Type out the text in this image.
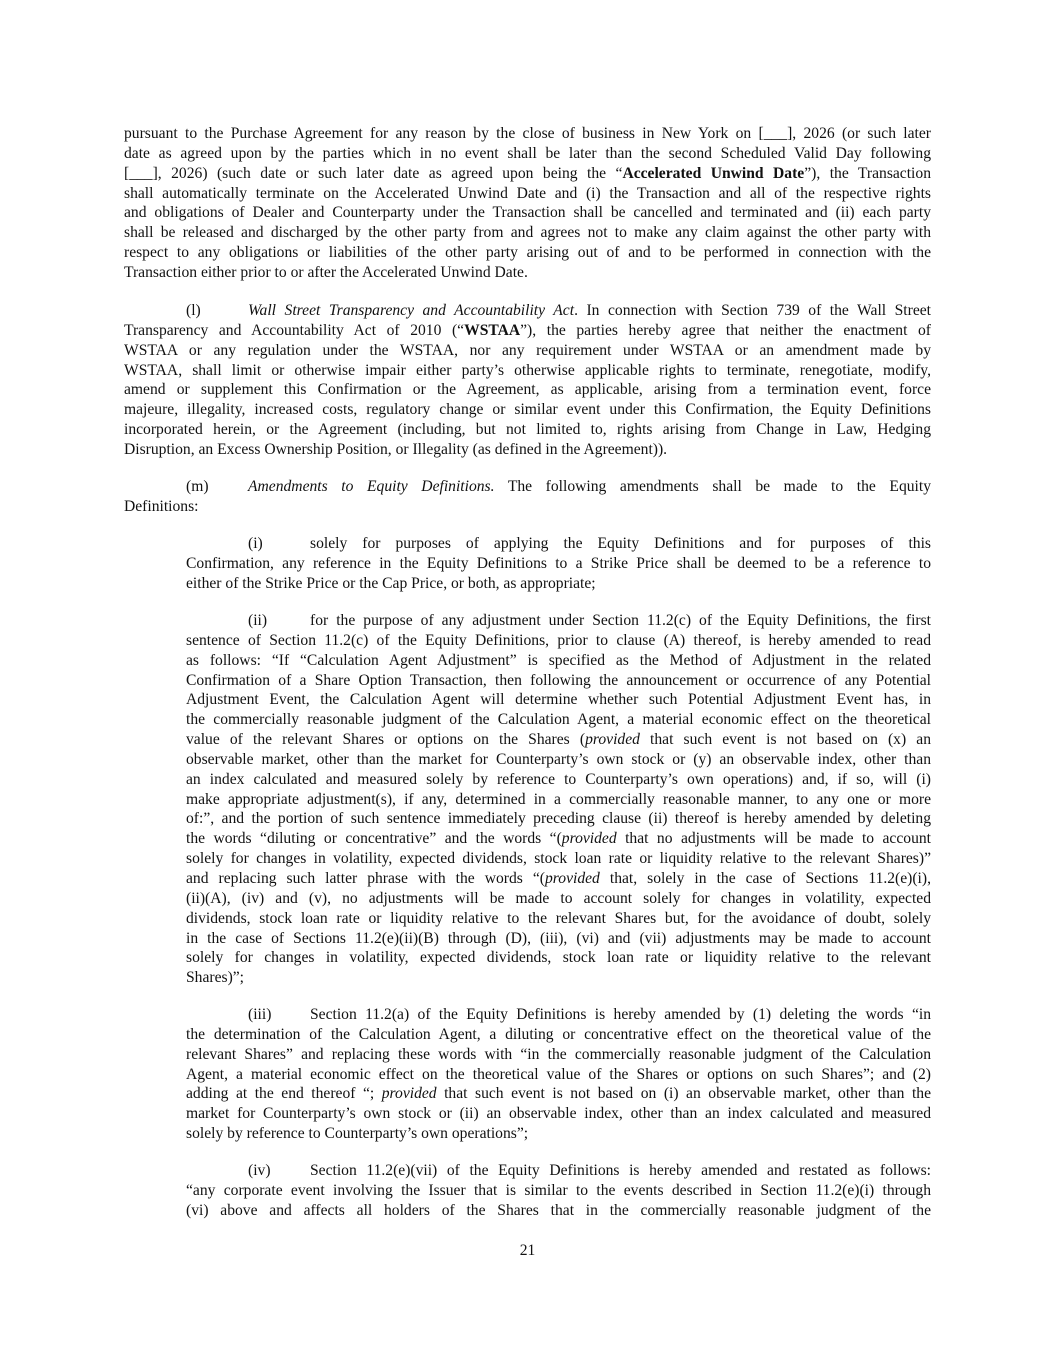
pursuant to the Purchase Agreement for any reason by the close of business in New York on [___], 2026 (or such later
date as agreed upon by the parties which in no event shall be later than the second Scheduled Valid Day following
[___], 2026) (such date or such later date as agreed upon being the “Accelerated Unwind Date”), the Transaction
shall automatically terminate on the Accelerated Unwind Date and (i) the Transaction and all of the respective rights
and obligations of Dealer and Counterparty under the Transaction shall be cancelled and terminated and (ii) each party
shall be released and discharged by the other party from and agrees not to make any claim against the other party with
respect to any obligations or liabilities of the other party arising out of and to be performed in connection with the
Transaction either prior to or after the Accelerated Unwind Date.
(l)	Wall Street Transparency and Accountability Act. In connection with Section 739 of the Wall Street
Transparency and Accountability Act of 2010 (“WSTAA”), the parties hereby agree that neither the enactment of
WSTAA or any regulation under the WSTAA, nor any requirement under WSTAA or an amendment made by
WSTAA, shall limit or otherwise impair either party’s otherwise applicable rights to terminate, renegotiate, modify,
amend or supplement this Confirmation or the Agreement, as applicable, arising from a termination event, force
majeure, illegality, increased costs, regulatory change or similar event under this Confirmation, the Equity Definitions
incorporated herein, or the Agreement (including, but not limited to, rights arising from Change in Law, Hedging
Disruption, an Excess Ownership Position, or Illegality (as defined in the Agreement)).
(m)	Amendments to Equity Definitions. The following amendments shall be made to the Equity
Definitions:
(i)	solely for purposes of applying the Equity Definitions and for purposes of this
Confirmation, any reference in the Equity Definitions to a Strike Price shall be deemed to be a reference to
either of the Strike Price or the Cap Price, or both, as appropriate;
(ii)	for the purpose of any adjustment under Section 11.2(c) of the Equity Definitions, the first
sentence of Section 11.2(c) of the Equity Definitions, prior to clause (A) thereof, is hereby amended to read
as follows: “If “Calculation Agent Adjustment” is specified as the Method of Adjustment in the related
Confirmation of a Share Option Transaction, then following the announcement or occurrence of any Potential
Adjustment Event, the Calculation Agent will determine whether such Potential Adjustment Event has, in
the commercially reasonable judgment of the Calculation Agent, a material economic effect on the theoretical
value of the relevant Shares or options on the Shares (provided that such event is not based on (x) an
observable market, other than the market for Counterparty’s own stock or (y) an observable index, other than
an index calculated and measured solely by reference to Counterparty’s own operations) and, if so, will (i)
make appropriate adjustment(s), if any, determined in a commercially reasonable manner, to any one or more
of:”, and the portion of such sentence immediately preceding clause (ii) thereof is hereby amended by deleting
the words “diluting or concentrative” and the words “(provided that no adjustments will be made to account
solely for changes in volatility, expected dividends, stock loan rate or liquidity relative to the relevant Shares)”
and replacing such latter phrase with the words “(provided that, solely in the case of Sections 11.2(e)(i),
(ii)(A), (iv) and (v), no adjustments will be made to account solely for changes in volatility, expected
dividends, stock loan rate or liquidity relative to the relevant Shares but, for the avoidance of doubt, solely
in the case of Sections 11.2(e)(ii)(B) through (D), (iii), (vi) and (vii) adjustments may be made to account
solely for changes in volatility, expected dividends, stock loan rate or liquidity relative to the relevant
Shares)”;
(iii) Section 11.2(a) of the Equity Definitions is hereby amended by (1) deleting the words “in
the determination of the Calculation Agent, a diluting or concentrative effect on the theoretical value of the
relevant Shares” and replacing these words with “in the commercially reasonable judgment of the Calculation
Agent, a material economic effect on the theoretical value of the Shares or options on such Shares”; and (2)
adding at the end thereof “; provided that such event is not based on (i) an observable market, other than the
market for Counterparty’s own stock or (ii) an observable index, other than an index calculated and measured
solely by reference to Counterparty’s own operations”;
(iv)	Section 11.2(e)(vii) of the Equity Definitions is hereby amended and restated as follows:
“any corporate event involving the Issuer that is similar to the events described in Section 11.2(e)(i) through
(vi) above and affects all holders of the Shares that in the commercially reasonable judgment of the
21
